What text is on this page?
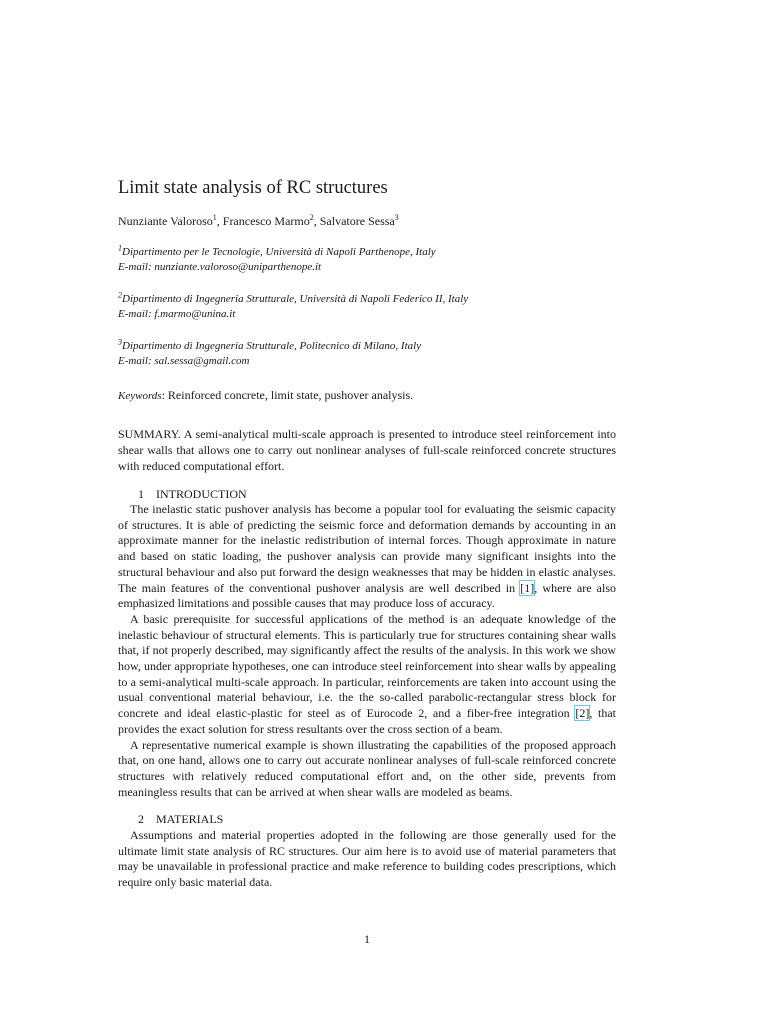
Limit state analysis of RC structures
Nunziante Valoroso$^1$, Francesco Marmo$^2$, Salvatore Sessa$^3$
$^1$Dipartimento per le Tecnologie, Università di Napoli Parthenope, Italy
E-mail: nunziante.valoroso@uniparthenope.it
$^2$Dipartimento di Ingegneria Strutturale, Università di Napoli Federico II, Italy
E-mail: f.marmo@unina.it
$^3$Dipartimento di Ingegneria Strutturale, Politecnico di Milano, Italy
E-mail: sal.sessa@gmail.com
Keywords: Reinforced concrete, limit state, pushover analysis.

SUMMARY. A semi-analytical multi-scale approach is presented to introduce steel reinforcement into shear walls that allows one to carry out nonlinear analyses of full-scale reinforced concrete structures with reduced computational effort.

1 INTRODUCTION

The inelastic static pushover analysis has become a popular tool for evaluating the seismic capacity of structures. It is able of predicting the seismic force and deformation demands by accounting in an approximate manner for the inelastic redistribution of internal forces. Though approximate in nature and based on static loading, the pushover analysis can provide many significant insights into the structural behaviour and also put forward the design weaknesses that may be hidden in elastic analyses. The main features of the conventional pushover analysis are well described in [1], where are also emphasized limitations and possible causes that may produce loss of accuracy.

A basic prerequisite for successful applications of the method is an adequate knowledge of the inelastic behaviour of structural elements. This is particularly true for structures containing shear walls that, if not properly described, may significantly affect the results of the analysis. In this work we show how, under appropriate hypotheses, one can introduce steel reinforcement into shear walls by appealing to a semi-analytical multi-scale approach. In particular, reinforcements are taken into account using the usual conventional material behaviour, i.e. the the so-called parabolic-rectangular stress block for concrete and ideal elastic-plastic for steel as of Eurocode 2, and a fiber-free integration [2], that provides the exact solution for stress resultants over the cross section of a beam.

A representative numerical example is shown illustrating the capabilities of the proposed approach that, on one hand, allows one to carry out accurate nonlinear analyses of full-scale reinforced concrete structures with relatively reduced computational effort and, on the other side, prevents from meaningless results that can be arrived at when shear walls are modeled as beams.

2 MATERIALS

Assumptions and material properties adopted in the following are those generally used for the ultimate limit state analysis of RC structures. Our aim here is to avoid use of material parameters that may be unavailable in professional practice and make reference to building codes prescriptions, which require only basic material data.

1
